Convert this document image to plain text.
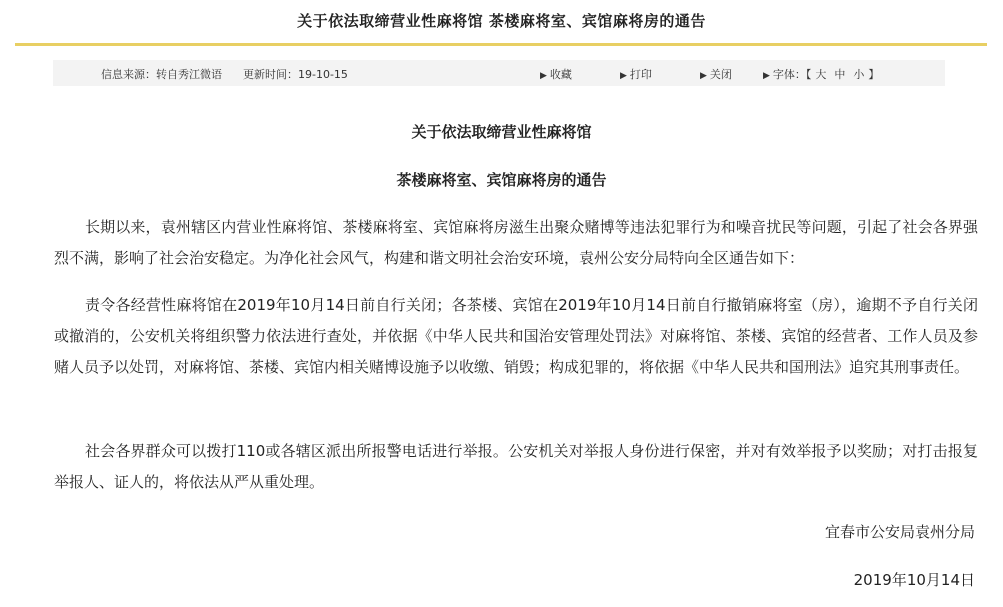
关于依法取缔营业性麻将馆 茶楼麻将室、宾馆麻将房的通告
信息来源：转自秀江微语 更新时间：19-10-15	▶ 收藏	▶ 打印	▶ 关闭	▶ 字体：【 大 中 小 】
关于依法取缔营业性麻将馆
茶楼麻将室、宾馆麻将房的通告
长期以来，袁州辖区内营业性麻将馆、茶楼麻将室、宾馆麻将房滋生出聚众赌博等违法犯罪行为和噪音扰民等问题，引起了社会各界强烈不满，影响了社会治安稳定。为净化社会风气，构建和谐文明社会治安环境，袁州公安分局特向全区通告如下：
责令各经营性麻将馆在2019年10月14日前自行关闭；各茶楼、宾馆在2019年10月14日前自行撤销麻将室（房），逾期不予自行关闭或撤消的，公安机关将组织警力依法进行查处，并依据《中华人民共和国治安管理处罚法》对麻将馆、茶楼、宾馆的经营者、工作人员及参赌人员予以处罚，对麻将馆、茶楼、宾馆内相关赌博设施予以收缴、销毁；构成犯罪的，将依据《中华人民共和国刑法》追究其刑事责任。
社会各界群众可以拨打110或各辖区派出所报警电话进行举报。公安机关对举报人身份进行保密，并对有效举报予以奖励；对打击报复举报人、证人的，将依法从严从重处理。
宜春市公安局袁州分局
2019年10月14日
